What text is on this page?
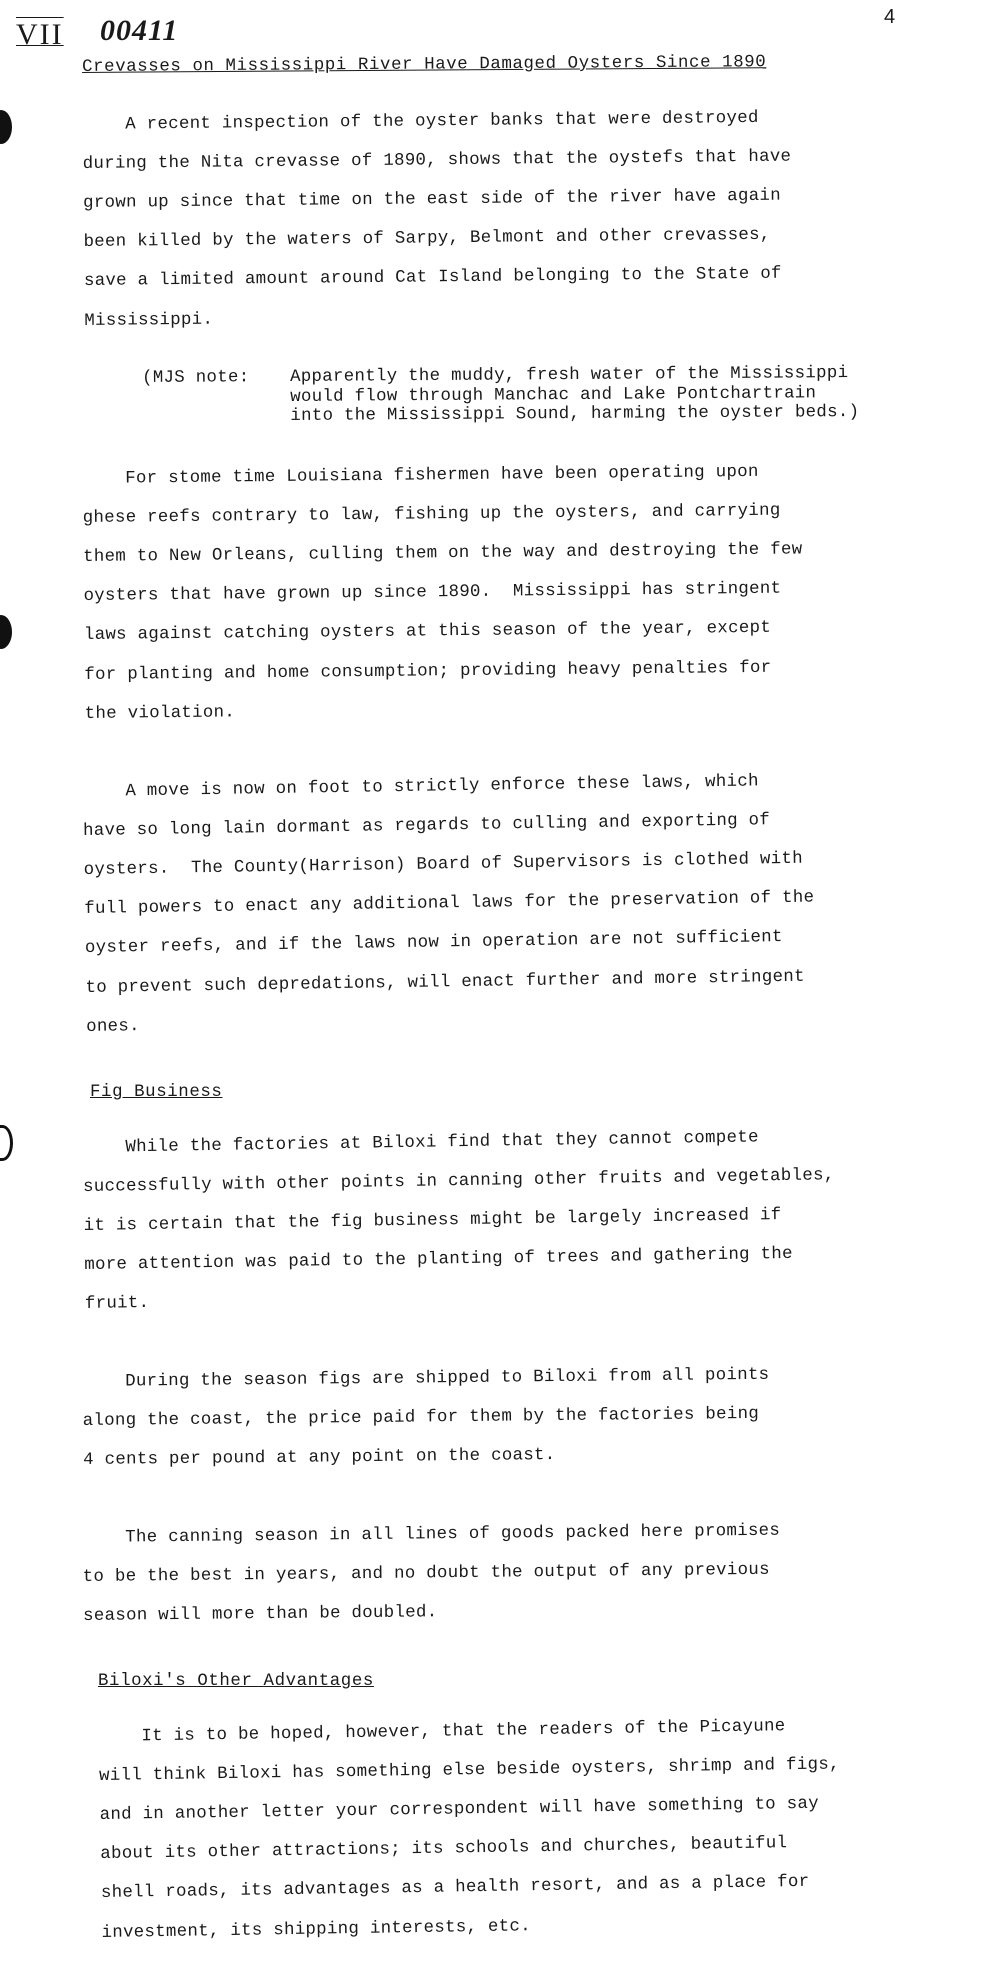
VII 00411	4
Crevasses on Mississippi River Have Damaged Oysters Since 1890

A recent inspection of the oyster banks that were destroyed

during the Nita crevasse of 1890, shows that the oystefs that have

grown up since that time on the east side of the river have again

been killed by the waters of Sarpy, Belmont and other crevasses,

save a limited amount around Cat Island belonging to the State of

Mississippi.

(MJS note:	Apparently the muddy, fresh water of the Mississippi
would flow through Manchac and Lake Pontchartrain
into the Mississippi Sound, harming the oyster beds.)

For stome time Louisiana fishermen have been operating upon

ghese reefs contrary to law, fishing up the oysters, and carrying

them to New Orleans, culling them on the way and destroying the few

oysters that have grown up since 1890.  Mississippi has stringent

laws against catching oysters at this season of the year, except

for planting and home consumption; providing heavy penalties for

the violation.

A move is now on foot to strictly enforce these laws, which

have so long lain dormant as regards to culling and exporting of

oysters.  The County(Harrison) Board of Supervisors is clothed with

full powers to enact any additional laws for the preservation of the

oyster reefs, and if the laws now in operation are not sufficient

to prevent such depredations, will enact further and more stringent

ones.

Fig Business

While the factories at Biloxi find that they cannot compete

successfully with other points in canning other fruits and vegetables,

it is certain that the fig business might be largely increased if

more attention was paid to the planting of trees and gathering the

fruit.

During the season figs are shipped to Biloxi from all points

along the coast, the price paid for them by the factories being

4 cents per pound at any point on the coast.

The canning season in all lines of goods packed here promises

to be the best in years, and no doubt the output of any previous

season will more than be doubled.

Biloxi's Other Advantages

It is to be hoped, however, that the readers of the Picayune

will think Biloxi has something else beside oysters, shrimp and figs,

and in another letter your correspondent will have something to say

about its other attractions; its schools and churches, beautiful

shell roads, its advantages as a health resort, and as a place for

investment, its shipping interests, etc.
